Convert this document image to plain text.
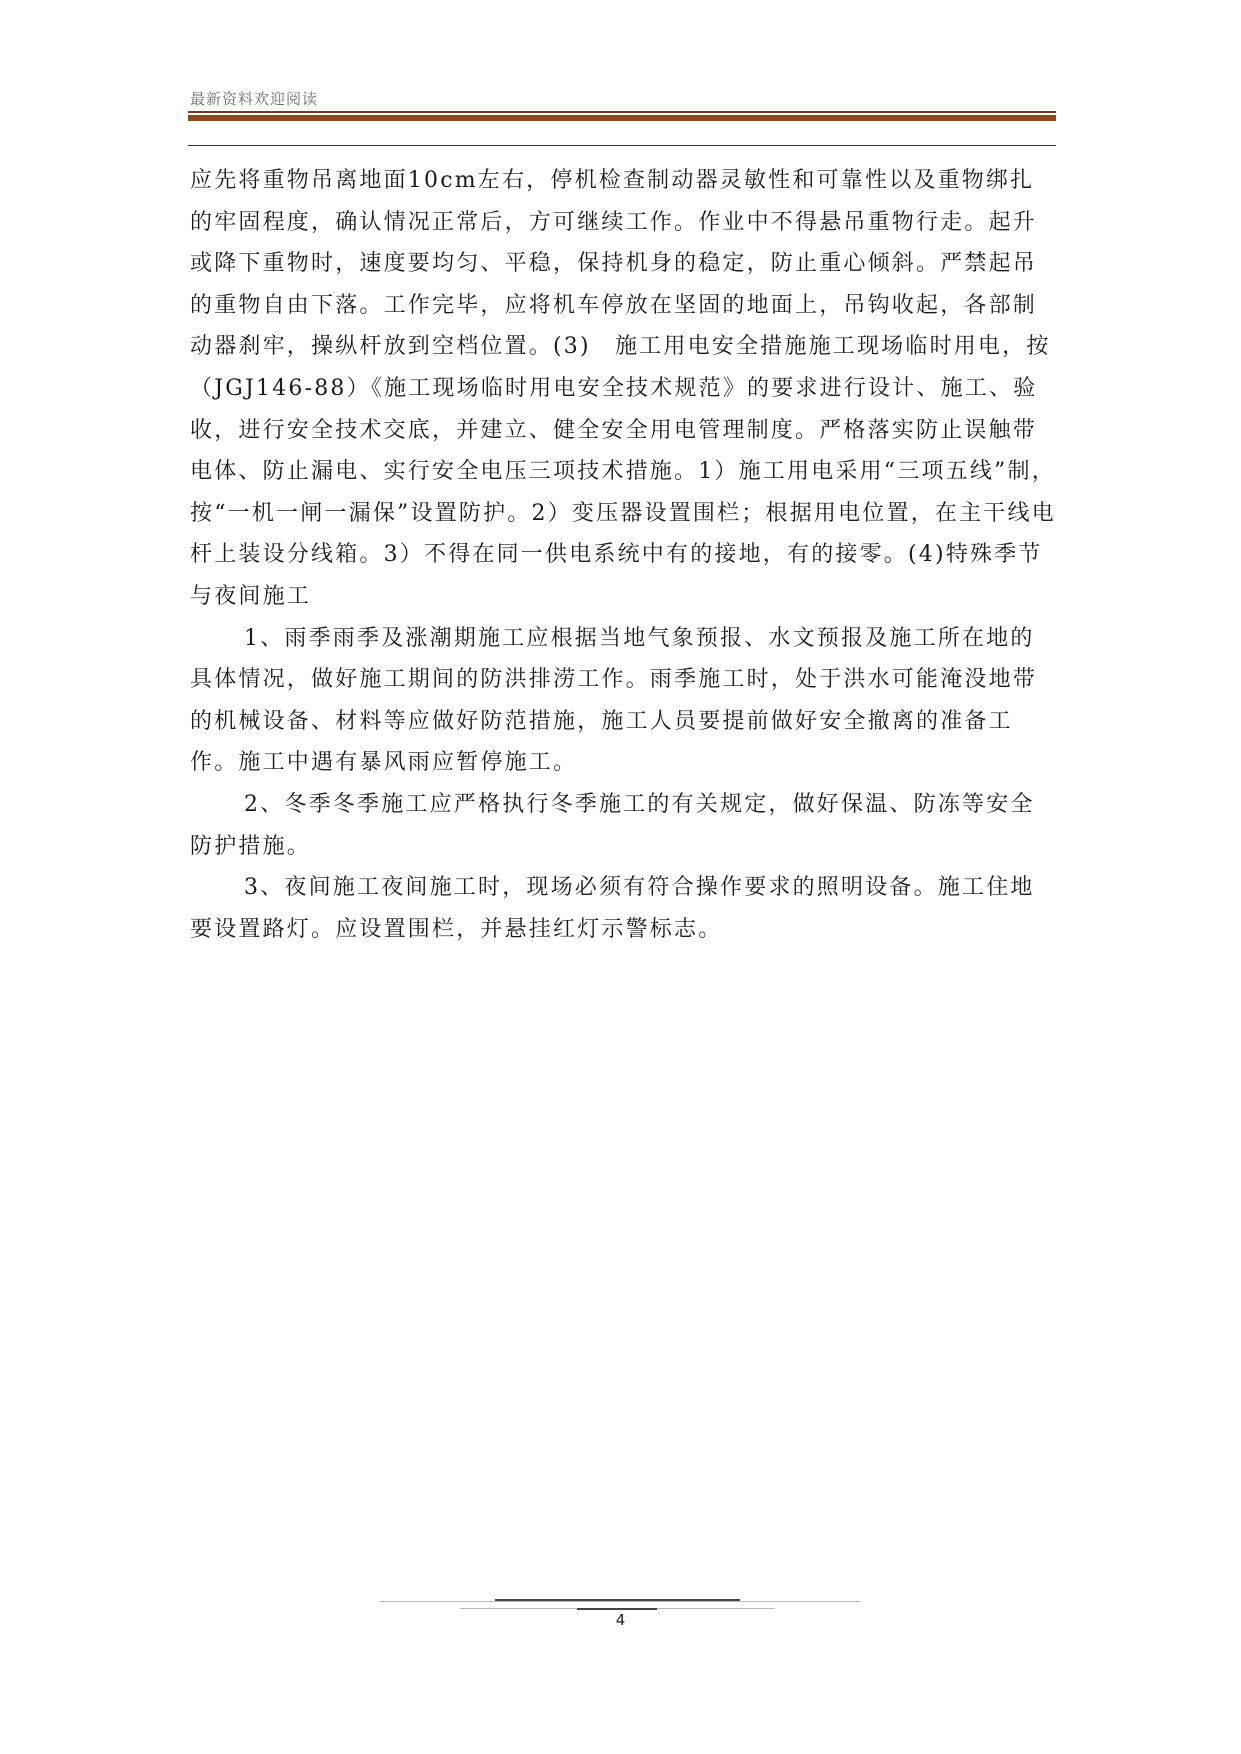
最新资料欢迎阅读

应先将重物吊离地面10cm左右，停机检查制动器灵敏性和可靠性以及重物绑扎的牢固程度，确认情况正常后，方可继续工作。作业中不得悬吊重物行走。起升或降下重物时，速度要均匀、平稳，保持机身的稳定，防止重心倾斜。严禁起吊的重物自由下落。工作完毕，应将机车停放在坚固的地面上，吊钩收起，各部制动器刹牢，操纵杆放到空档位置。(3)　施工用电安全措施施工现场临时用电，按（JGJ146-88）《施工现场临时用电安全技术规范》的要求进行设计、施工、验收，进行安全技术交底，并建立、健全安全用电管理制度。严格落实防止误触带电体、防止漏电、实行安全电压三项技术措施。1）施工用电采用“三项五线”制，按“一机一闸一漏保”设置防护。2）变压器设置围栏；根据用电位置，在主干线电杆上装设分线箱。3）不得在同一供电系统中有的接地，有的接零。(4)特殊季节与夜间施工

1、雨季雨季及涨潮期施工应根据当地气象预报、水文预报及施工所在地的具体情况，做好施工期间的防洪排涝工作。雨季施工时，处于洪水可能淹没地带的机械设备、材料等应做好防范措施，施工人员要提前做好安全撤离的准备工作。施工中遇有暴风雨应暂停施工。

2、冬季冬季施工应严格执行冬季施工的有关规定，做好保温、防冻等安全防护措施。

3、夜间施工夜间施工时，现场必须有符合操作要求的照明设备。施工住地要设置路灯。应设置围栏，并悬挂红灯示警标志。

4
